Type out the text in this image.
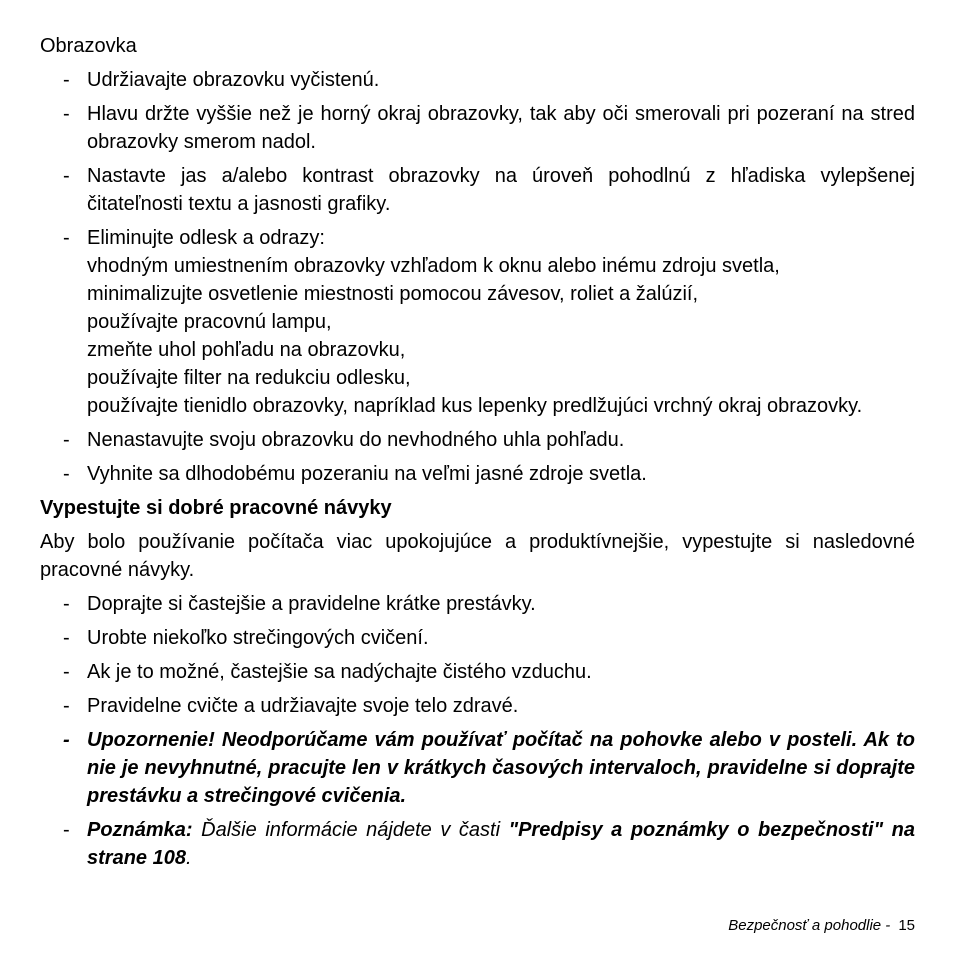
Obrazovka

- Udržiavajte obrazovku vyčistenú.
- Hlavu držte vyššie než je horný okraj obrazovky, tak aby oči smerovali pri pozeraní na stred obrazovky smerom nadol.
- Nastavte jas a/alebo kontrast obrazovky na úroveň pohodlnú z hľadiska vylepšenej čitateľnosti textu a jasnosti grafiky.
- Eliminujte odlesk a odrazy:
vhodným umiestnením obrazovky vzhľadom k oknu alebo inému zdroju svetla,
minimalizujte osvetlenie miestnosti pomocou závesov, roliet a žalúzií,
používajte pracovnú lampu,
zmeňte uhol pohľadu na obrazovku,
používajte filter na redukciu odlesku,
používajte tienidlo obrazovky, napríklad kus lepenky predlžujúci vrchný okraj obrazovky.
- Nenastavujte svoju obrazovku do nevhodného uhla pohľadu.
- Vyhnite sa dlhodobému pozeraniu na veľmi jasné zdroje svetla.

Vypestujte si dobré pracovné návyky

Aby bolo používanie počítača viac upokojujúce a produktívnejšie, vypestujte si nasledovné pracovné návyky.

- Doprajte si častejšie a pravidelne krátke prestávky.
- Urobte niekoľko strečingových cvičení.
- Ak je to možné, častejšie sa nadýchajte čistého vzduchu.
- Pravidelne cvičte a udržiavajte svoje telo zdravé.
- Upozornenie! Neodporúčame vám používať počítač na pohovke alebo v posteli. Ak to nie je nevyhnutné, pracujte len v krátkych časových intervaloch, pravidelne si doprajte prestávku a strečingové cvičenia.
- Poznámka: Ďalšie informácie nájdete v časti "Predpisy a poznámky o bezpečnosti" na strane 108.
Bezpečnosť a pohodlie - 15
